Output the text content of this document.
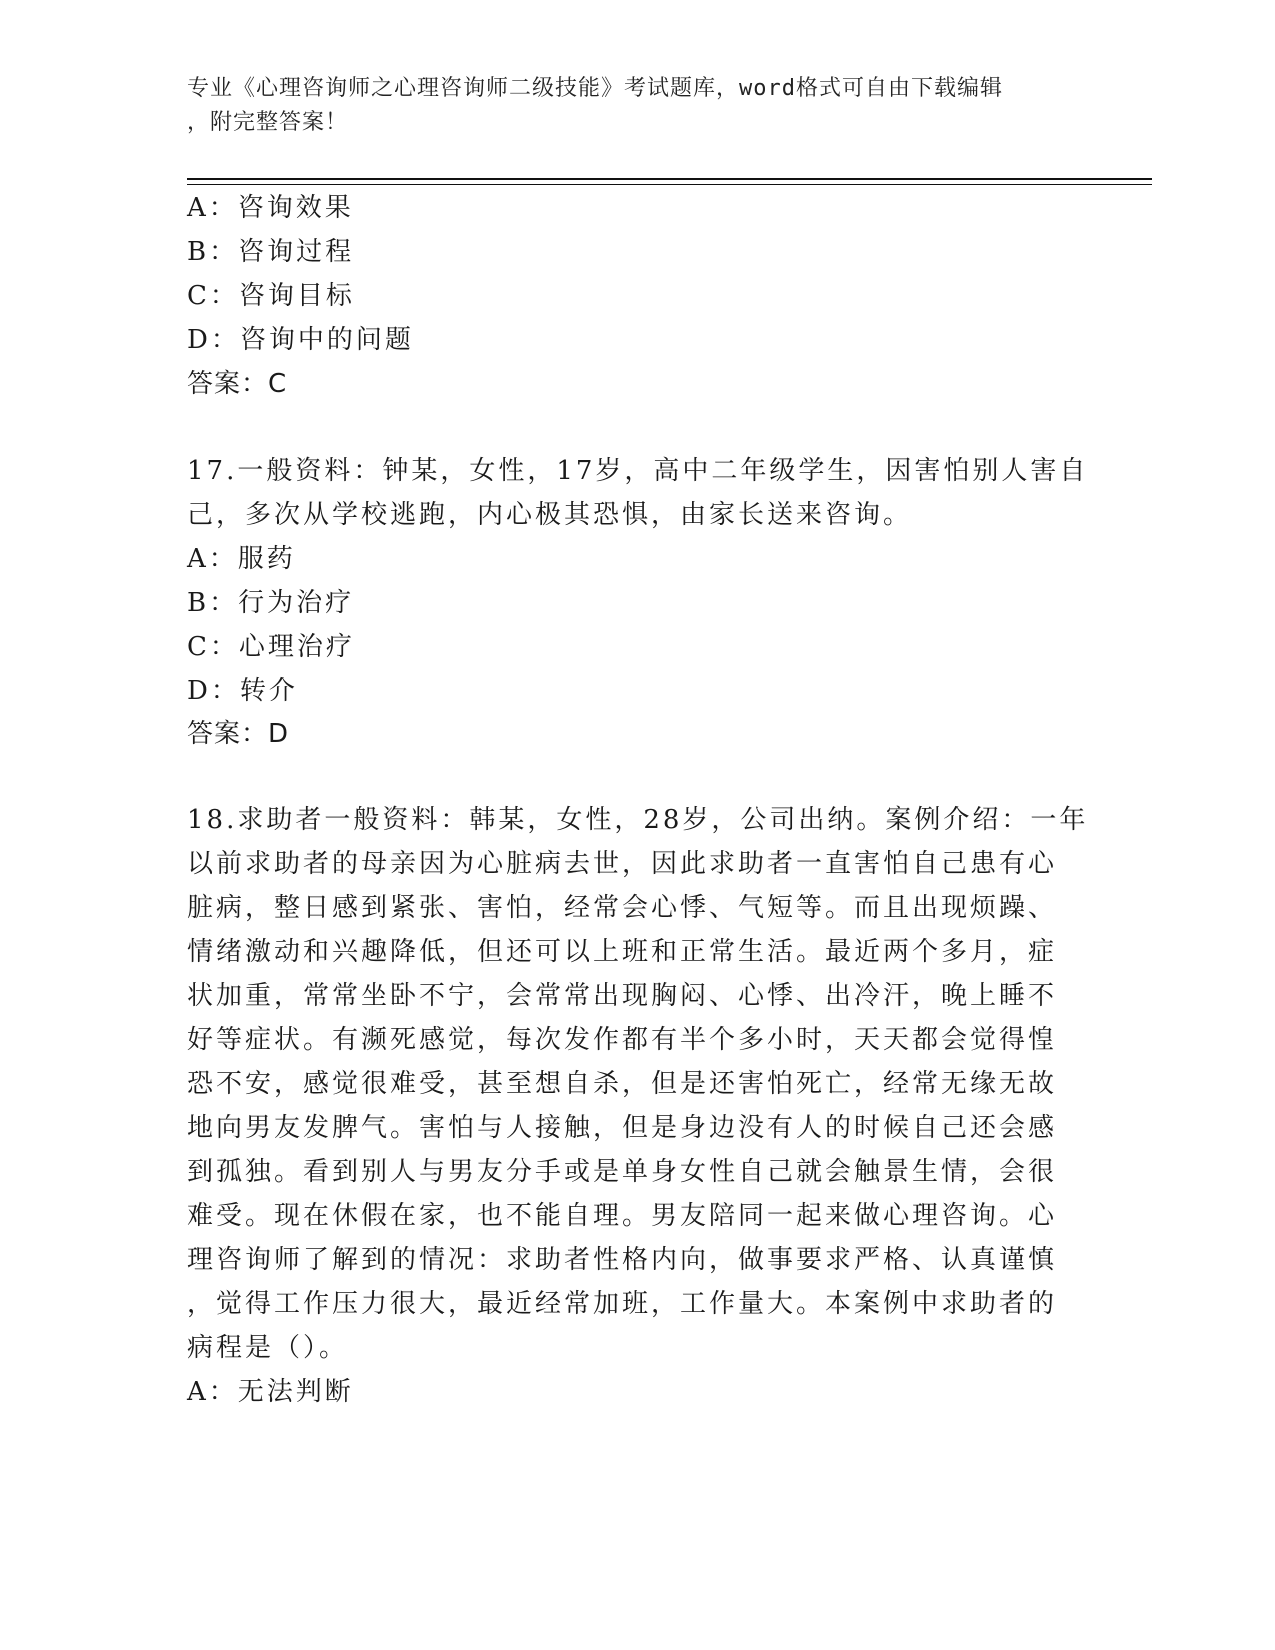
专业《心理咨询师之心理咨询师二级技能》考试题库，word格式可自由下载编辑
，附完整答案！
A：咨询效果
B：咨询过程
C：咨询目标
D：咨询中的问题
答案：C
17.一般资料：钟某，女性，17岁，高中二年级学生，因害怕别人害自
己，多次从学校逃跑，内心极其恐惧，由家长送来咨询。
A：服药
B：行为治疗
C：心理治疗
D：转介
答案：D
18.求助者一般资料：韩某，女性，28岁，公司出纳。案例介绍：一年
以前求助者的母亲因为心脏病去世，因此求助者一直害怕自己患有心
脏病，整日感到紧张、害怕，经常会心悸、气短等。而且出现烦躁、
情绪激动和兴趣降低，但还可以上班和正常生活。最近两个多月，症
状加重，常常坐卧不宁，会常常出现胸闷、心悸、出冷汗，晚上睡不
好等症状。有濒死感觉，每次发作都有半个多小时，天天都会觉得惶
恐不安，感觉很难受，甚至想自杀，但是还害怕死亡，经常无缘无故
地向男友发脾气。害怕与人接触，但是身边没有人的时候自己还会感
到孤独。看到别人与男友分手或是单身女性自己就会触景生情，会很
难受。现在休假在家，也不能自理。男友陪同一起来做心理咨询。心
理咨询师了解到的情况：求助者性格内向，做事要求严格、认真谨慎
，觉得工作压力很大，最近经常加班，工作量大。本案例中求助者的
病程是（）。
A：无法判断
